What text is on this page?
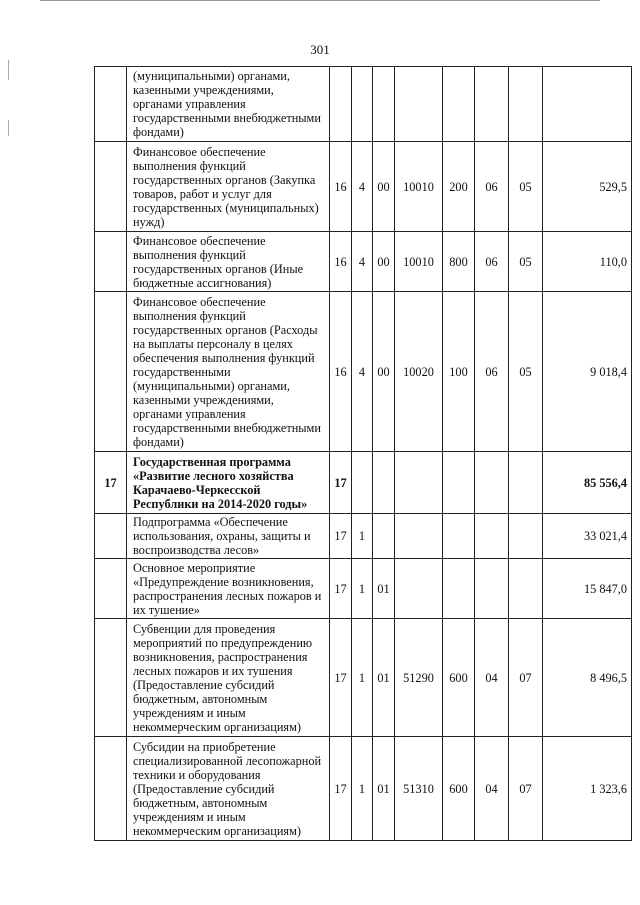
301
	(муниципальными) органами, казенными учреждениями, органами управления государственными внебюджетными фондами)								
	Финансовое обеспечение выполнения функций государственных органов (Закупка товаров, работ и услуг для государственных (муниципальных) нужд)	16	4	00	10010	200	06	05	529,5
	Финансовое обеспечение выполнения функций государственных органов (Иные бюджетные ассигнования)	16	4	00	10010	800	06	05	110,0
	Финансовое обеспечение выполнения функций государственных органов (Расходы на выплаты персоналу в целях обеспечения выполнения функций государственными (муниципальными) органами, казенными учреждениями, органами управления государственными внебюджетными фондами)	16	4	00	10020	100	06	05	9 018,4
17	Государственная программа «Развитие лесного хозяйства Карачаево-Черкесской Республики на 2014-2020 годы»	17							85 556,4
	Подпрограмма «Обеспечение использования, охраны, защиты и воспроизводства лесов»	17	1						33 021,4
	Основное мероприятие «Предупреждение возникновения, распространения лесных пожаров и их тушение»	17	1	01					15 847,0
	Субвенции для проведения мероприятий по предупреждению возникновения, распространения лесных пожаров и их тушения (Предоставление субсидий бюджетным, автономным учреждениям и иным некоммерческим организациям)	17	1	01	51290	600	04	07	8 496,5
	Субсидии на приобретение специализированной лесопожарной техники и оборудования (Предоставление субсидий бюджетным, автономным учреждениям и иным некоммерческим организациям)	17	1	01	51310	600	04	07	1 323,6
